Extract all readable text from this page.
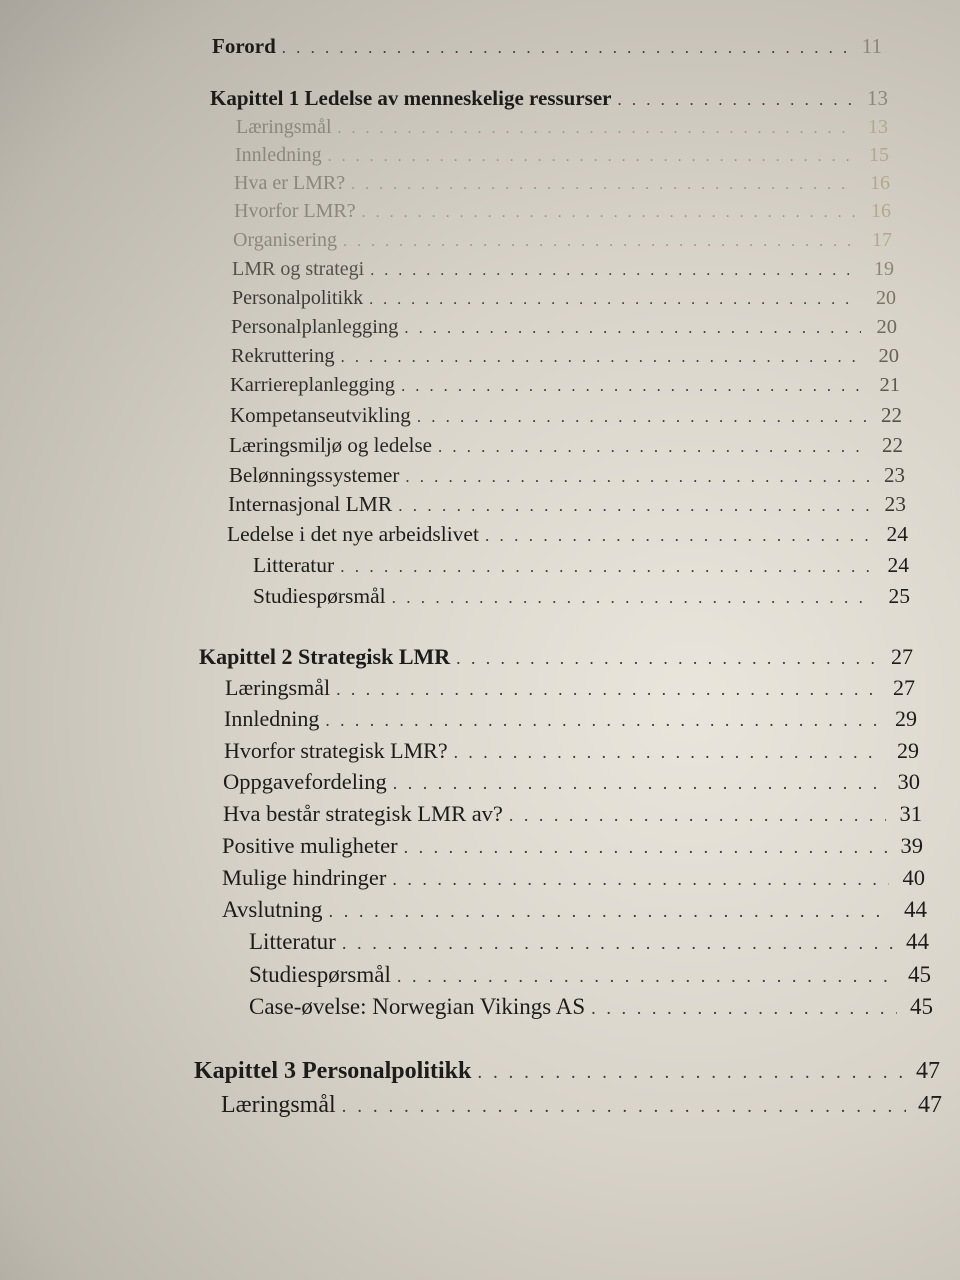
Forord . . .	11
Kapittel 1 Ledelse av menneskelige ressurser . . .	13
Læringsmål . . .	13
Innledning . . .	15
Hva er LMR? . . .	16
Hvorfor LMR? . . .	16
Organisering . . .	17
LMR og strategi . . .	19
Personalpolitikk . . .	20
Personalplanlegging . . .	20
Rekruttering . . .	20
Karriereplanlegging . . .	21
Kompetanseutvikling . . .	22
Læringsmiljø og ledelse . . .	22
Belønningssystemer . . .	23
Internasjonal LMR . . .	23
Ledelse i det nye arbeidslivet . . .	24
Litteratur . . .	24
Studiespørsmål . . .	25
Kapittel 2 Strategisk LMR . . .	27
Læringsmål . . .	27
Innledning . . .	29
Hvorfor strategisk LMR? . . .	29
Oppgavefordeling . . .	30
Hva består strategisk LMR av? . . .	31
Positive muligheter . . .	39
Mulige hindringer . . .	40
Avslutning . . .	44
Litteratur . . .	44
Studiespørsmål . . .	45
Case-øvelse: Norwegian Vikings AS . . .	45
Kapittel 3 Personalpolitikk . . .	47
Læringsmål . . .	47
